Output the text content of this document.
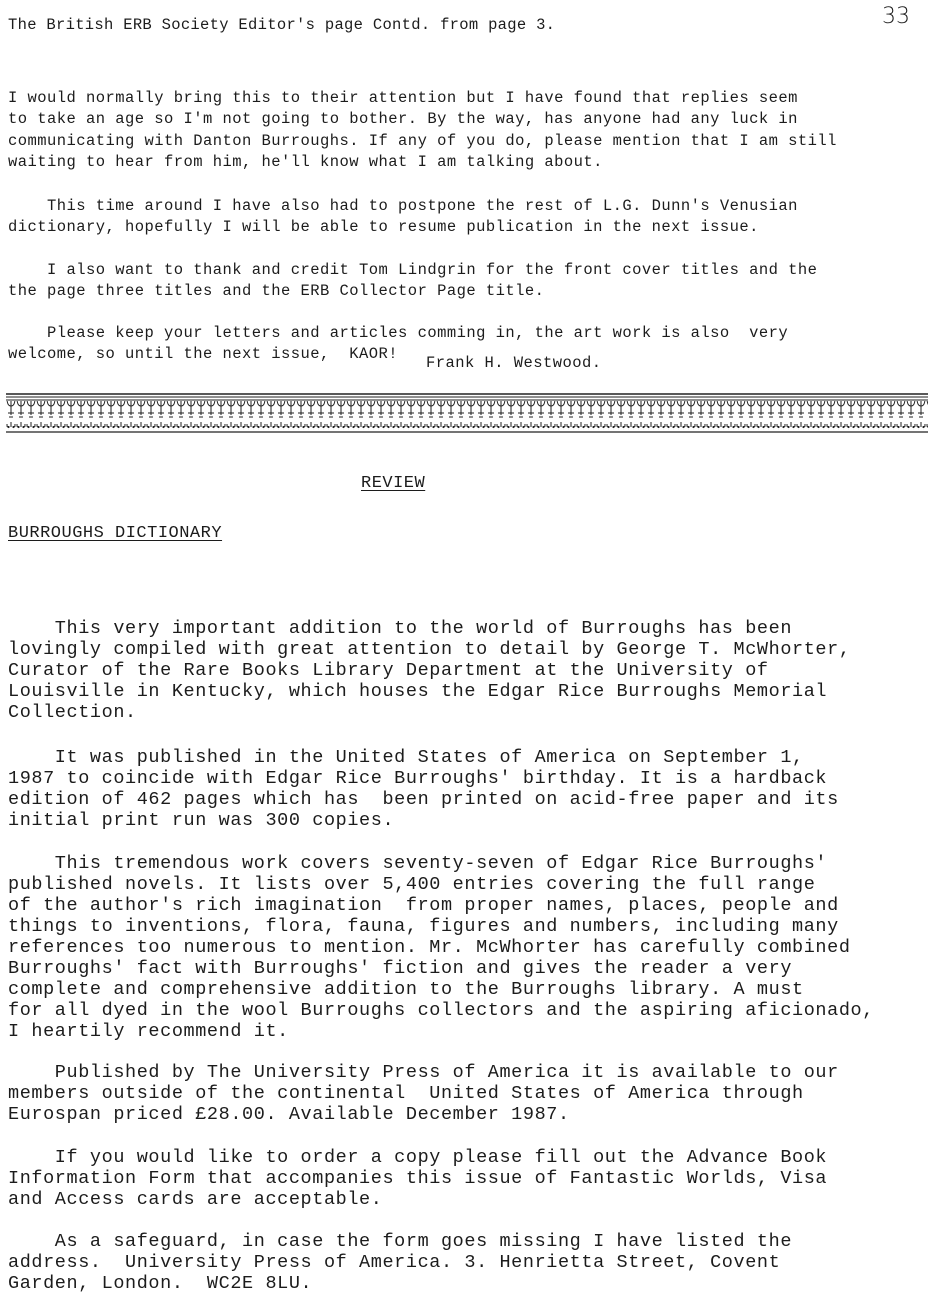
The British ERB Society Editor's page Contd. from page 3.	33

I would normally bring this to their attention but I have found that replies seem
to take an age so I'm not going to bother. By the way, has anyone had any luck in
communicating with Danton Burroughs. If any of you do, please mention that I am still
waiting to hear from him, he'll know what I am talking about.

This time around I have also had to postpone the rest of L.G. Dunn's Venusian
dictionary, hopefully I will be able to resume publication in the next issue.

I also want to thank and credit Tom Lindgrin for the front cover titles and the
the page three titles and the ERB Collector Page title.

Please keep your letters and articles comming in, the art work is also  very
welcome, so until the next issue,  KAOR!	Frank H. Westwood.
REVIEW
BURROUGHS DICTIONARY

This very important addition to the world of Burroughs has been
lovingly compiled with great attention to detail by George T. McWhorter,
Curator of the Rare Books Library Department at the University of
Louisville in Kentucky, which houses the Edgar Rice Burroughs Memorial
Collection.

It was published in the United States of America on September 1,
1987 to coincide with Edgar Rice Burroughs' birthday. It is a hardback
edition of 462 pages which has  been printed on acid-free paper and its
initial print run was 300 copies.

This tremendous work covers seventy-seven of Edgar Rice Burroughs'
published novels. It lists over 5,400 entries covering the full range
of the author's rich imagination  from proper names, places, people and
things to inventions, flora, fauna, figures and numbers, including many
references too numerous to mention. Mr. McWhorter has carefully combined
Burroughs' fact with Burroughs' fiction and gives the reader a very
complete and comprehensive addition to the Burroughs library. A must
for all dyed in the wool Burroughs collectors and the aspiring aficionado,
I heartily recommend it.

Published by The University Press of America it is available to our
members outside of the continental  United States of America through
Eurospan priced £28.00. Available December 1987.

If you would like to order a copy please fill out the Advance Book
Information Form that accompanies this issue of Fantastic Worlds, Visa
and Access cards are acceptable.

As a safeguard, in case the form goes missing I have listed the
address.  University Press of America. 3. Henrietta Street, Covent
Garden, London.  WC2E 8LU.
